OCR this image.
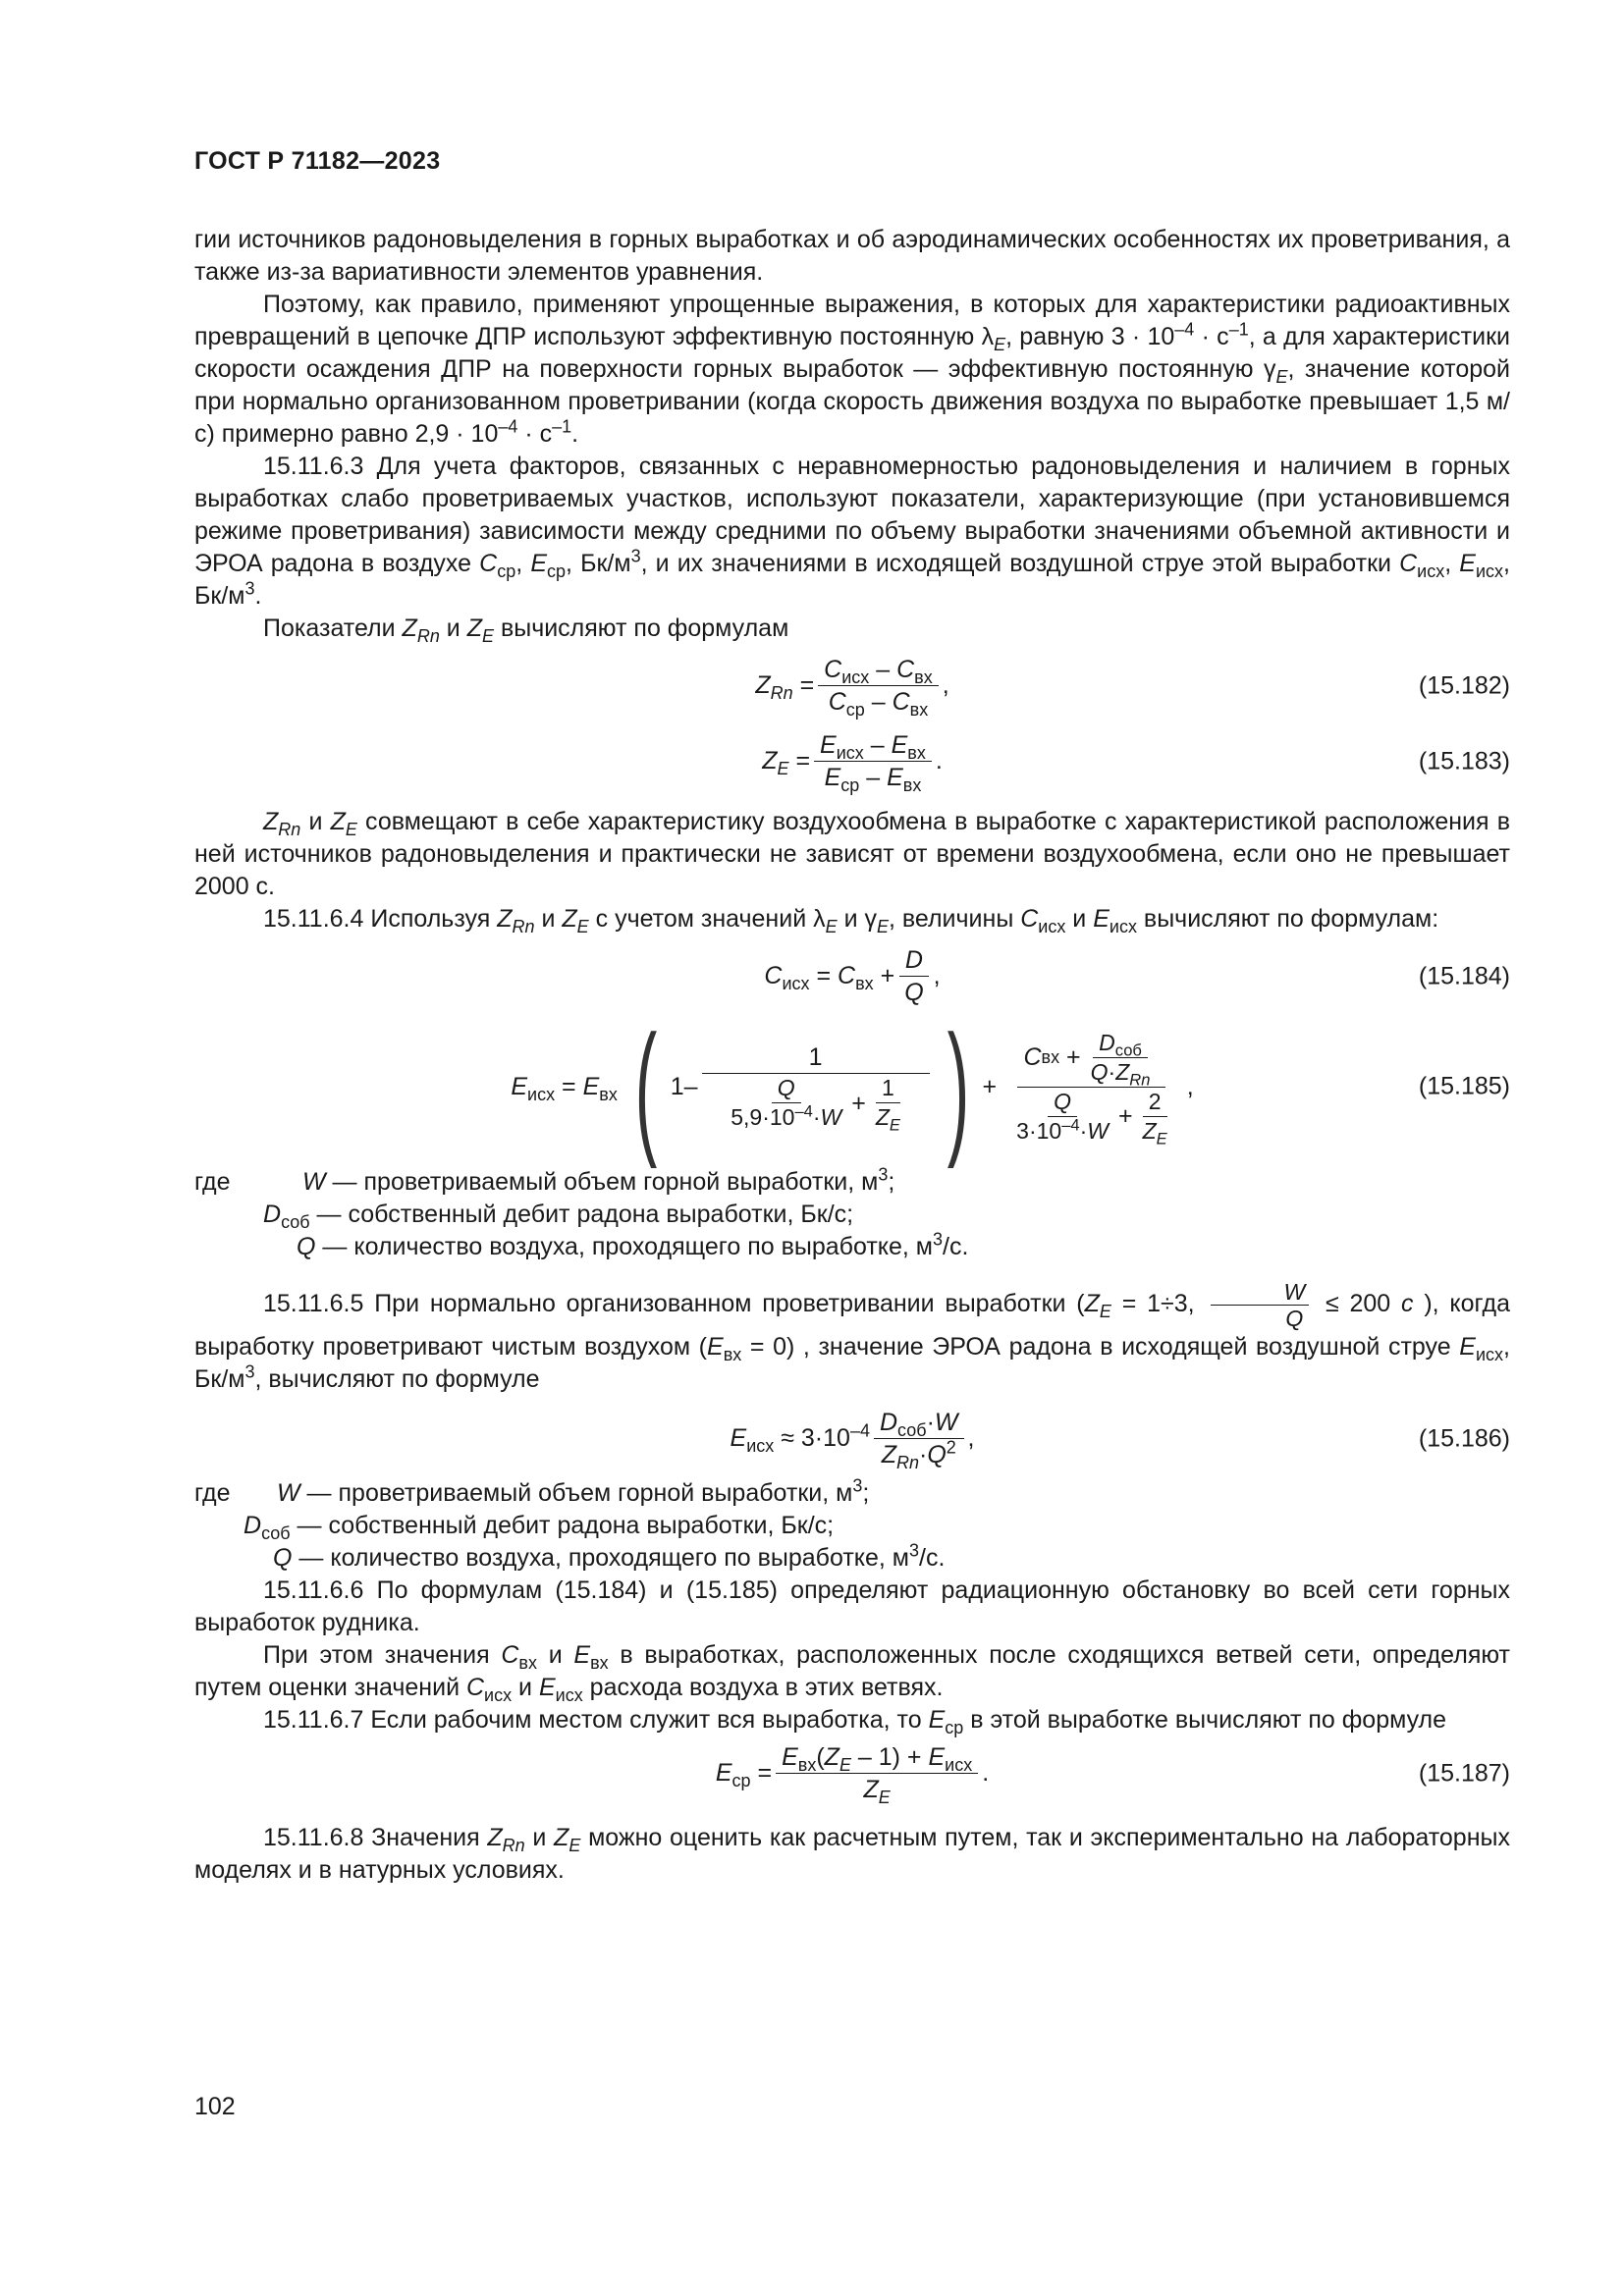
ГОСТ Р 71182—2023

гии источников радоновыделения в горных выработках и об аэродинамических особенностях их проветривания, а также из-за вариативности элементов уравнения.

Поэтому, как правило, применяют упрощенные выражения, в которых для характеристики радиоактивных превращений в цепочке ДПР используют эффективную постоянную $\lambda_E$, равную $3 \cdot 10^{-4} \cdot с^{-1}$, а для характеристики скорости осаждения ДПР на поверхности горных выработок — эффективную постоянную $\gamma_E$, значение которой при нормально организованном проветривании (когда скорость движения воздуха по выработке превышает 1,5 м/с) примерно равно $2,9 \cdot 10^{-4} \cdot с^{-1}$.

15.11.6.3 Для учета факторов, связанных с неравномерностью радоновыделения и наличием в горных выработках слабо проветриваемых участков, используют показатели, характеризующие (при установившемся режиме проветривания) зависимости между средними по объему выработки значениями объемной активности и ЭРОА радона в воздухе $C_{ср}$, $E_{ср}$, $Бк/м^3$, и их значениями в исходящей воздушной струе этой выработки $C_{исх}$, $E_{исх}$, $Бк/м^3$.

Показатели $Z_{Rn}$ и $Z_E$ вычисляют по формулам

$Z_{Rn} = \frac{C_{исх} - C_{вх}}{C_{ср} - C_{вх}}$ ,	(15.182)
$Z_E = \frac{E_{исх} - E_{вх}}{E_{ср} - E_{вх}}$ .	(15.183)

$Z_{Rn}$ и $Z_E$ совмещают в себе характеристику воздухообмена в выработке с характеристикой расположения в ней источников радоновыделения и практически не зависят от времени воздухообмена, если оно не превышает 2000 с.

15.11.6.4 Используя $Z_{Rn}$ и $Z_E$ с учетом значений $\lambda_E$ и $\gamma_E$, величины $C_{исх}$ и $E_{исх}$ вычисляют по формулам:

$C_{исх} = C_{вх} + \frac{D}{Q}$ ,	(15.184)
$E_{исх} = E_{вх}$ ( 1–
1
$\frac{Q}{5,9\cdot 10^{-4}\cdot W} + \frac{1}{Z_E}$ ) +
C вх + $\frac{D_{соб}}{Q\cdot Z_{Rn}}$
$\frac{Q}{3\cdot 10^{-4}\cdot W} + \frac{2}{Z_E}$
,	(15.185)
где	W — проветриваемый объем горной выработки, $м^3$;
$D_{соб}$ — собственный дебит радона выработки, Бк/с;
Q — количество воздуха, проходящего по выработке, $м^3/с$.

15.11.6.5 При нормально организованном проветривании выработки ($Z_E = 1\div 3$, $\frac{W}{Q} \le 200$ с ), когда выработку проветривают чистым воздухом $(E_{вх} = 0)$ , значение ЭРОА радона в исходящей воздушной струе $E_{исх}$, $Бк/м^3$, вычисляют по формуле

$E_{исх} \approx 3\cdot 10^{-4} \frac{D_{соб}\cdot W}{Z_{Rn}\cdot Q^2}$ ,	(15.186)
где	W — проветриваемый объем горной выработки, $м^3$;
$D_{соб}$ — собственный дебит радона выработки, Бк/с;
Q — количество воздуха, проходящего по выработке, $м^3/с$.

15.11.6.6 По формулам (15.184) и (15.185) определяют радиационную обстановку во всей сети горных выработок рудника.

При этом значения $C_{вх}$ и $E_{вх}$ в выработках, расположенных после сходящихся ветвей сети, определяют путем оценки значений $C_{исх}$ и $E_{исх}$ расхода воздуха в этих ветвях.

15.11.6.7 Если рабочим местом служит вся выработка, то $E_{ср}$ в этой выработке вычисляют по формуле

$E_{ср} = \frac{E_{вх}(Z_E - 1) + E_{исх}}{Z_E}$ .	(15.187)

15.11.6.8 Значения $Z_{Rn}$ и $Z_E$ можно оценить как расчетным путем, так и экспериментально на лабораторных моделях и в натурных условиях.

102
